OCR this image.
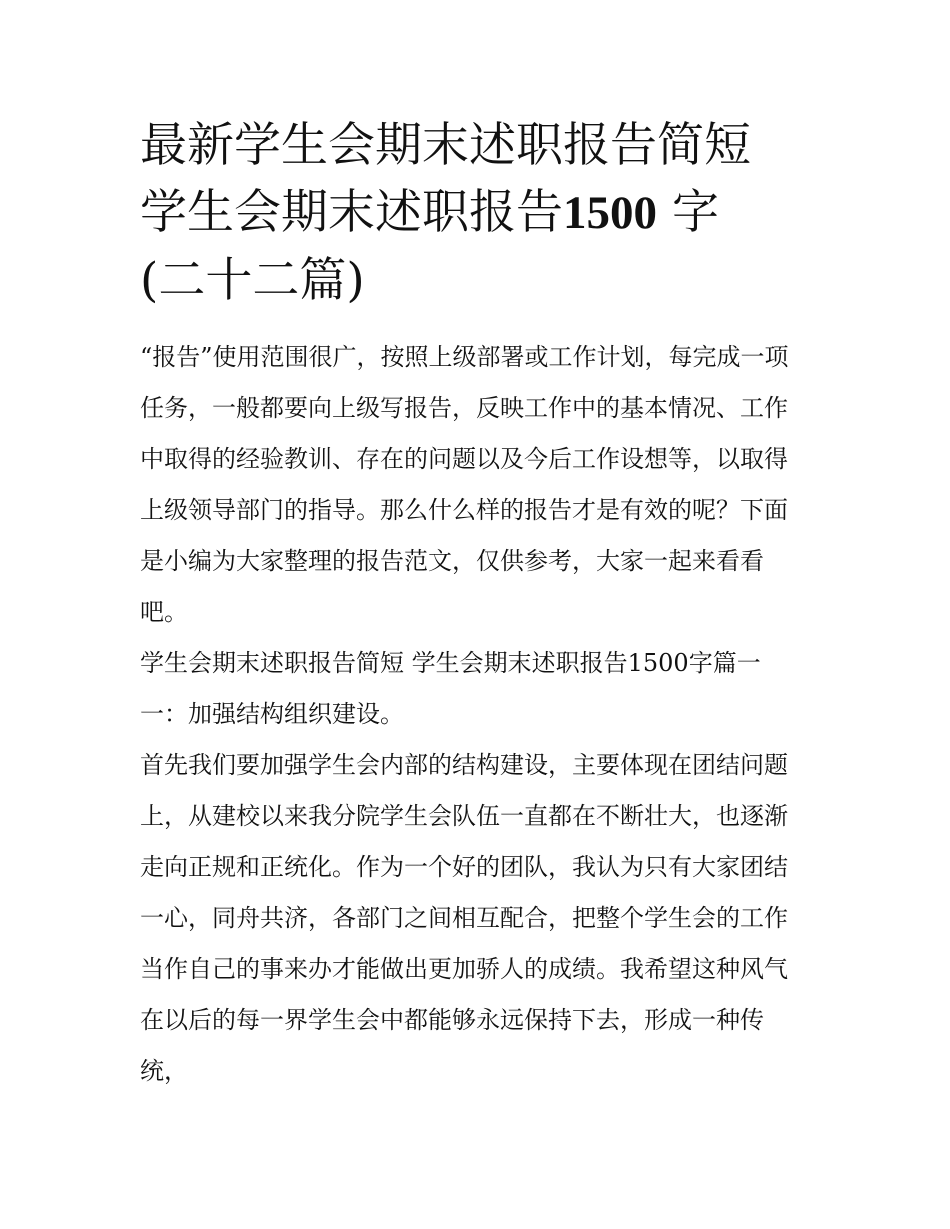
最新学生会期末述职报告简短
学生会期末述职报告1500 字
(二十二篇)

“报告”使用范围很广，按照上级部署或工作计划，每完成一项
任务，一般都要向上级写报告，反映工作中的基本情况、工作
中取得的经验教训、存在的问题以及今后工作设想等，以取得
上级领导部门的指导。那么什么样的报告才是有效的呢？下面
是小编为大家整理的报告范文，仅供参考，大家一起来看看
吧。

学生会期末述职报告简短 学生会期末述职报告1500字篇一

一：加强结构组织建设。

首先我们要加强学生会内部的结构建设，主要体现在团结问题
上，从建校以来我分院学生会队伍一直都在不断壮大，也逐渐
走向正规和正统化。作为一个好的团队，我认为只有大家团结
一心，同舟共济，各部门之间相互配合，把整个学生会的工作
当作自己的事来办才能做出更加骄人的成绩。我希望这种风气
在以后的每一界学生会中都能够永远保持下去，形成一种传
统，
